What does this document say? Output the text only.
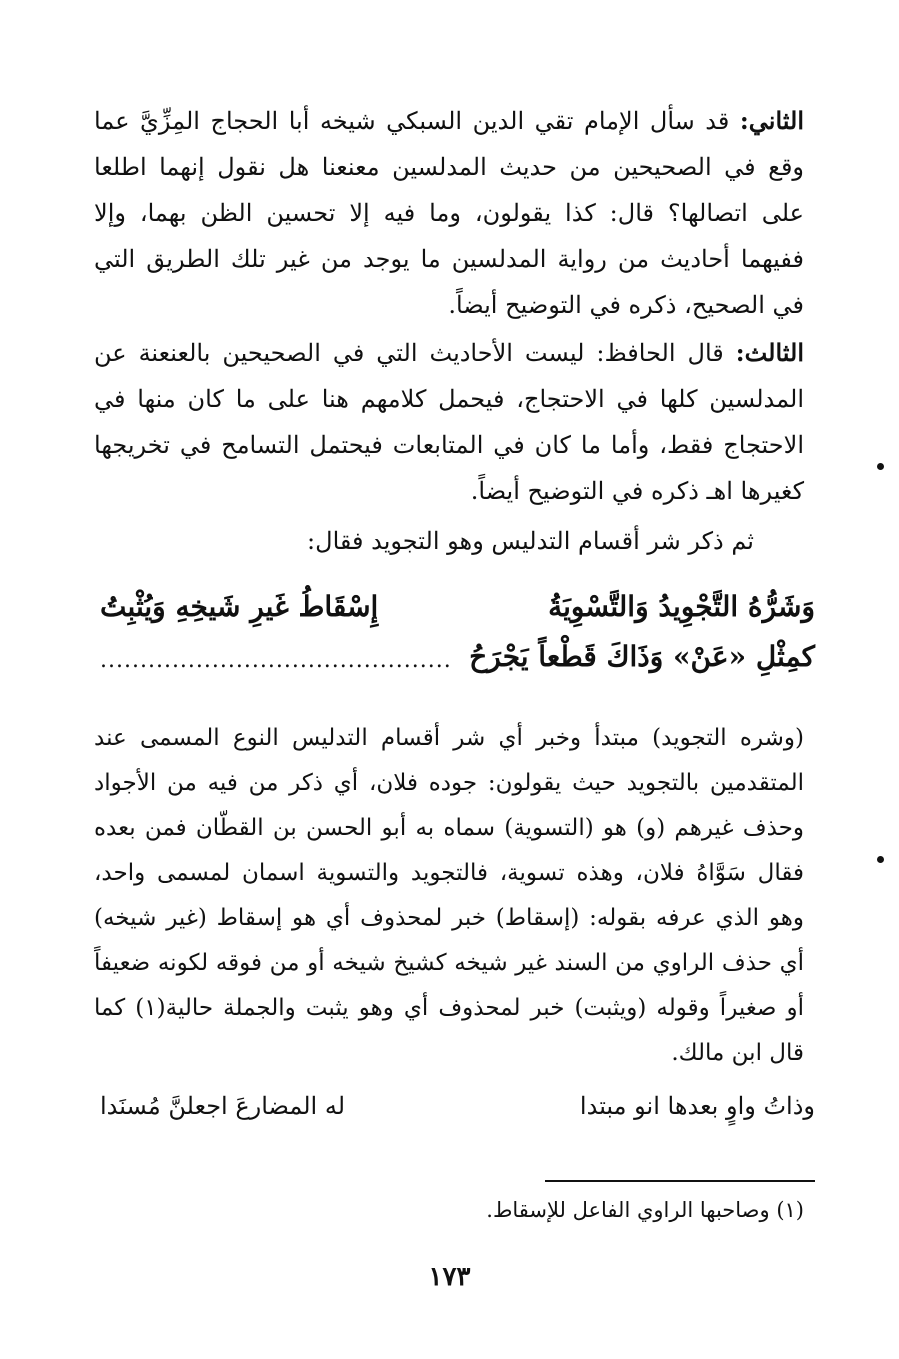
الثاني: قد سأل الإمام تقي الدين السبكي شيخه أبا الحجاج المِزِّيَّ عما وقع في الصحيحين من حديث المدلسين معنعنا هل نقول إنهما اطلعا على اتصالها؟ قال: كذا يقولون، وما فيه إلا تحسين الظن بهما، وإلا ففيهما أحاديث من رواية المدلسين ما يوجد من غير تلك الطريق التي في الصحيح، ذكره في التوضيح أيضاً.

الثالث: قال الحافظ: ليست الأحاديث التي في الصحيحين بالعنعنة عن المدلسين كلها في الاحتجاج، فيحمل كلامهم هنا على ما كان منها في الاحتجاج فقط، وأما ما كان في المتابعات فيحتمل التسامح في تخريجها كغيرها اهـ ذكره في التوضيح أيضاً.

ثم ذكر شر أقسام التدليس وهو التجويد فقال:

وَشَرُّهُ التَّجْوِيدُ وَالتَّسْوِيَةُ
إِسْقَاطُ غَيرِ شَيخِهِ وَيُثْبِتُ
كمِثْلِ «عَنْ» وَذَاكَ قَطْعاً يَجْرَحُ
............................................

(وشره التجويد) مبتدأ وخبر أي شر أقسام التدليس النوع المسمى عند المتقدمين بالتجويد حيث يقولون: جوده فلان، أي ذكر من فيه من الأجواد وحذف غيرهم (و) هو (التسوية) سماه به أبو الحسن بن القطّان فمن بعده فقال سَوَّاهُ فلان، وهذه تسوية، فالتجويد والتسوية اسمان لمسمى واحد، وهو الذي عرفه بقوله: (إسقاط) خبر لمحذوف أي هو إسقاط (غير شيخه) أي حذف الراوي من السند غير شيخه كشيخ شيخه أو من فوقه لكونه ضعيفاً أو صغيراً وقوله (ويثبت) خبر لمحذوف أي وهو يثبت والجملة حالية(١) كما قال ابن مالك.

وذاتُ واوٍ بعدها انو مبتدا
له المضارعَ اجعلنَّ مُسنَدا
(١) وصاحبها الراوي الفاعل للإسقاط.
١٧٣
